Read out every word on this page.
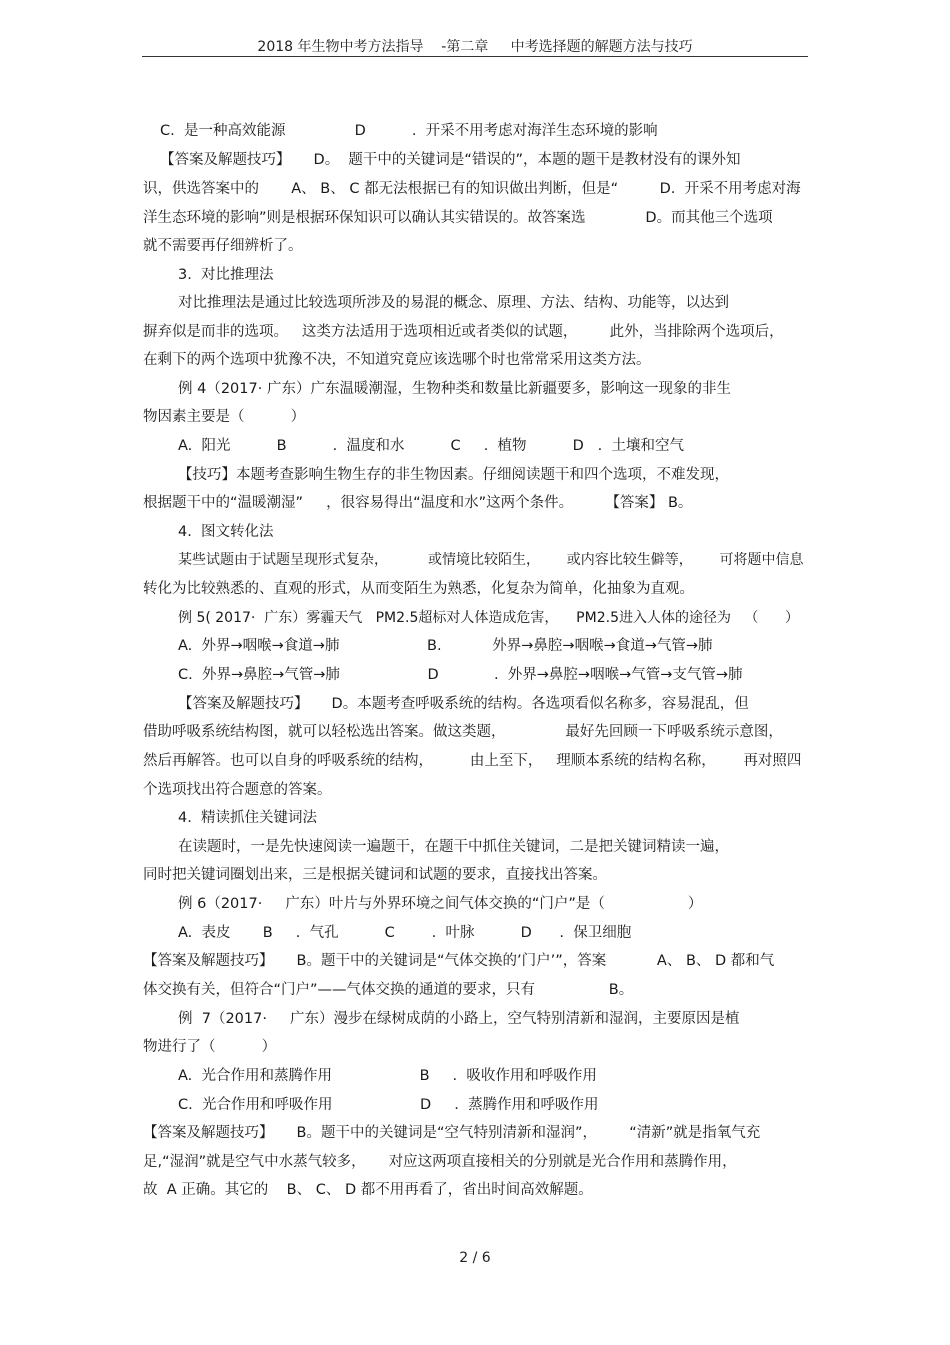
2018 年生物中考方法指导    -第二章     中考选择题的解题方法与技巧
C.  是一种高效能源               D          .  开采不用考虑对海洋生态环境的影响
【答案及解题技巧】     D。  题干中的关键词是“错误的”，本题的题干是教材没有的课外知
识，供选答案中的       A、 B、 C 都无法根据已有的知识做出判断，但是“         D.  开采不用考虑对海
洋生态环境的影响”则是根据环保知识可以确认其实错误的。故答案选             D。而其他三个选项
就不需要再仔细辨析了。
3.  对比推理法
对比推理法是通过比较选项所涉及的易混的概念、原理、方法、结构、功能等，以达到
摒弃似是而非的选项。   这类方法适用于选项相近或者类似的试题，       此外，当排除两个选项后，
在剩下的两个选项中犹豫不决，不知道究竟应该选哪个时也常常采用这类方法。
例 4（2017· 广东）广东温暖潮湿，生物种类和数量比新疆要多，影响这一现象的非生
物因素主要是（          ）
A.  阳光          B          .  温度和水          C     .  植物          D   .  土壤和空气
【技巧】本题考查影响生物生存的非生物因素。仔细阅读题干和四个选项，不难发现，
根据题干中的“温暖潮湿”     ，很容易得出“温度和水”这两个条件。       【答案】 B。
4.  图文转化法
某些试题由于试题呈现形式复杂，         或情境比较陌生，      或内容比较生僻等，      可将题中信息
转化为比较熟悉的、直观的形式，从而变陌生为熟悉，化复杂为简单，化抽象为直观。
例 5( 2017·  广东）雾霾天气   PM2.5超标对人体造成危害，    PM2.5进入人体的途径为   （      ）
A.  外界→咽喉→食道→肺                   B.           外界→鼻腔→咽喉→食道→气管→肺
C.  外界→鼻腔→气管→肺                   D            .  外界→鼻腔→咽喉→气管→支气管→肺
【答案及解题技巧】     D。本题考查呼吸系统的结构。各选项看似名称多，容易混乱，但
借助呼吸系统结构图，就可以轻松选出答案。做这类题，             最好先回顾一下呼吸系统示意图，
然后再解答。也可以自身的呼吸系统的结构，        由上至下，   理顺本系统的结构名称，      再对照四
个选项找出符合题意的答案。
4.  精读抓住关键词法
在读题时，一是先快速阅读一遍题干，在题干中抓住关键词，二是把关键词精读一遍，
同时把关键词圈划出来，三是根据关键词和试题的要求，直接找出答案。
例 6（2017·     广东）叶片与外界环境之间气体交换的“门户”是（                  ）
A.  表皮       B     .  气孔          C        .  叶脉          D      .  保卫细胞
【答案及解题技巧】     B。题干中的关键词是“气体交换的’门户’”，答案           A、 B、 D 都和气
体交换有关，但符合“门户”——气体交换的通道的要求，只有                B。
例  7（2017·     广东）漫步在绿树成荫的小路上，空气特别清新和湿润，主要原因是植
物进行了（          ）
A.  光合作用和蒸腾作用                   B     .  吸收作用和呼吸作用
C.  光合作用和呼吸作用                   D     .  蒸腾作用和呼吸作用
【答案及解题技巧】     B。题干中的关键词是“空气特别清新和湿润”，       “清新”就是指氧气充
足,“湿润”就是空气中水蒸气较多，     对应这两项直接相关的分别就是光合作用和蒸腾作用，
故  A 正确。其它的    B、 C、 D 都不用再看了，省出时间高效解题。
2 / 6
